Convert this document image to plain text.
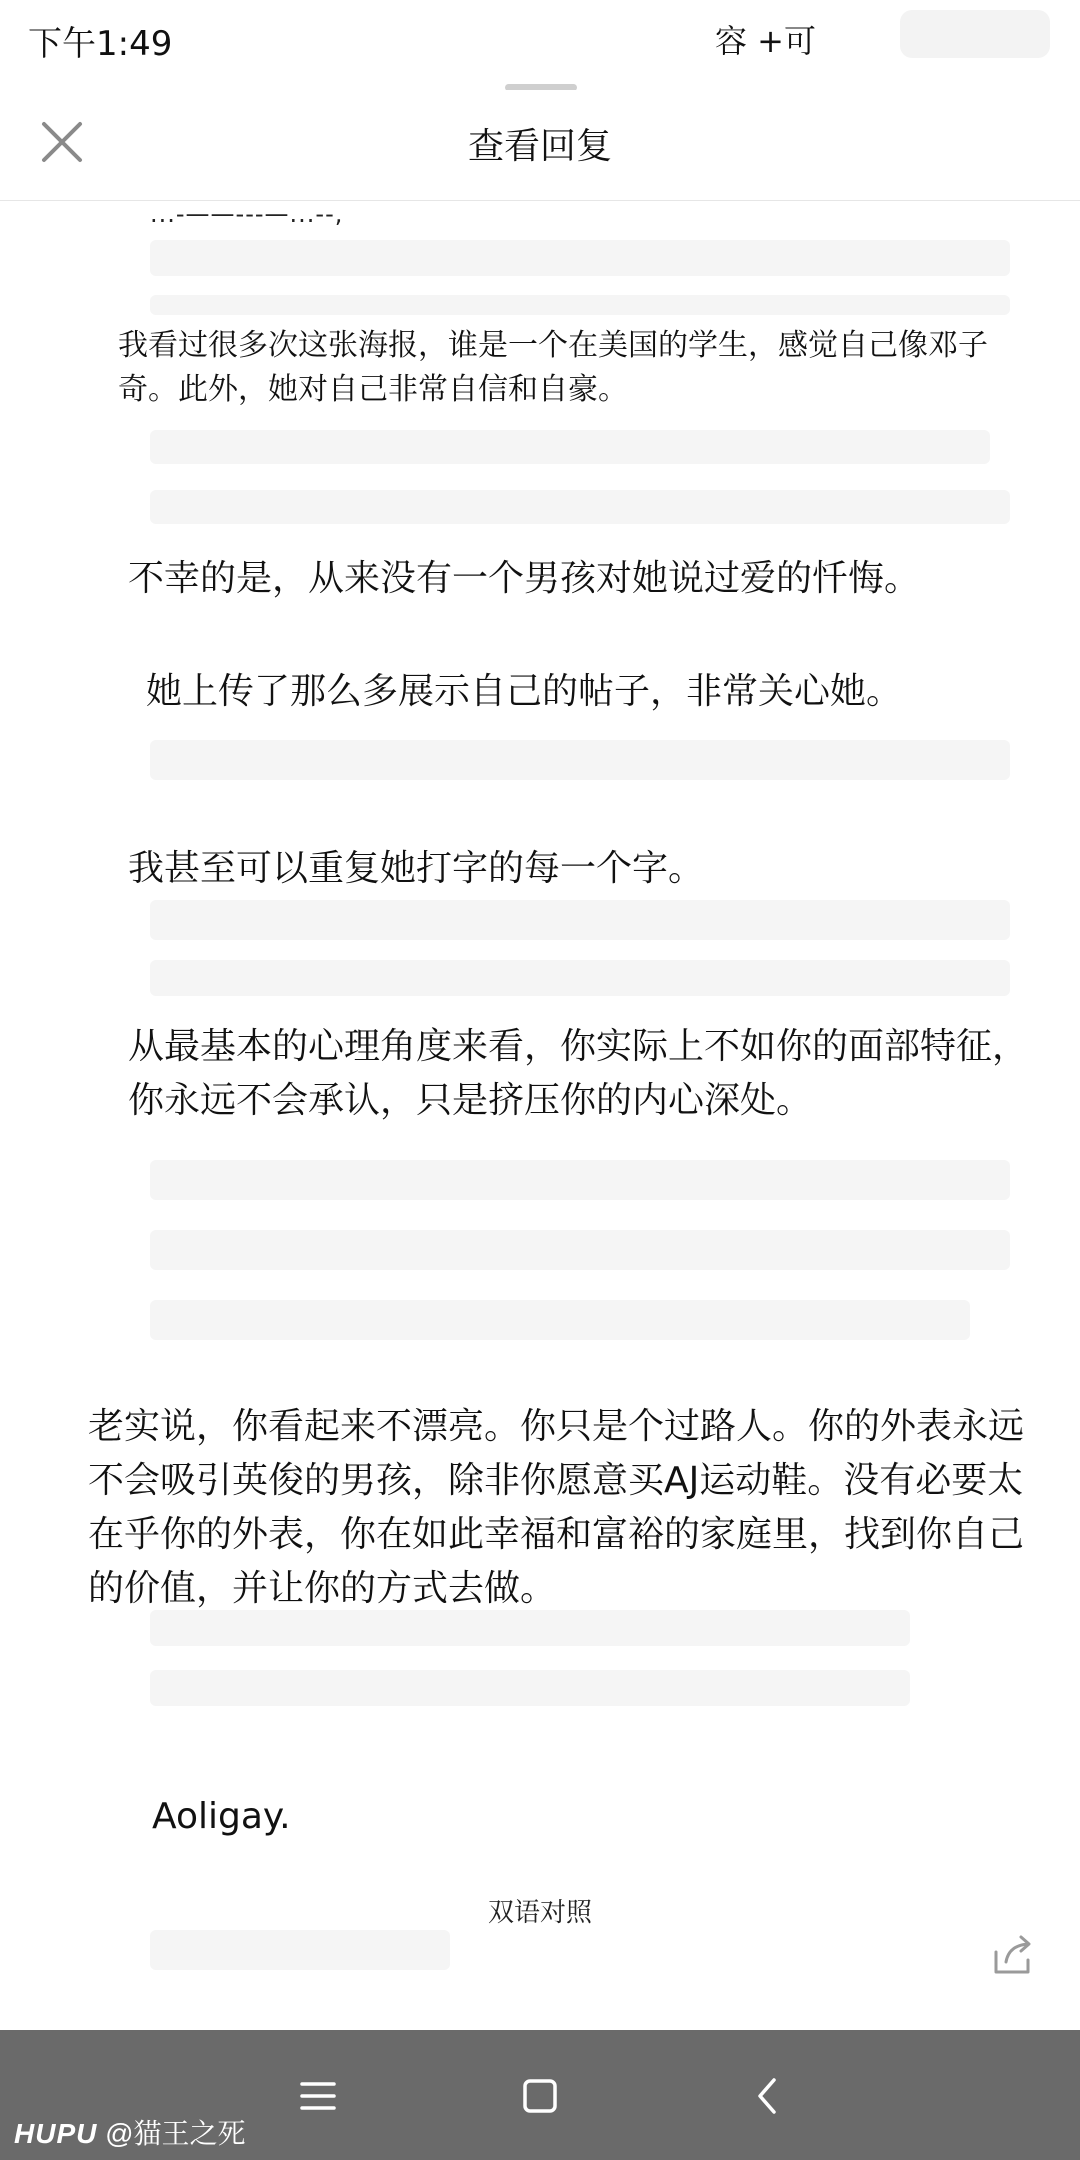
下午1:49	容 +可
查看回复
...-——---—...--,
我看过很多次这张海报，谁是一个在美国的学生，感觉自己像邓子奇。此外，她对自己非常自信和自豪。
不幸的是，从来没有一个男孩对她说过爱的忏悔。
她上传了那么多展示自己的帖子，非常关心她。
我甚至可以重复她打字的每一个字。
从最基本的心理角度来看，你实际上不如你的面部特征，你永远不会承认，只是挤压你的内心深处。
老实说，你看起来不漂亮。你只是个过路人。你的外表永远不会吸引英俊的男孩，除非你愿意买AJ运动鞋。没有必要太在乎你的外表，你在如此幸福和富裕的家庭里，找到你自己的价值，并让你的方式去做。
Aoligay.
双语对照
HUPU @猫王之死
